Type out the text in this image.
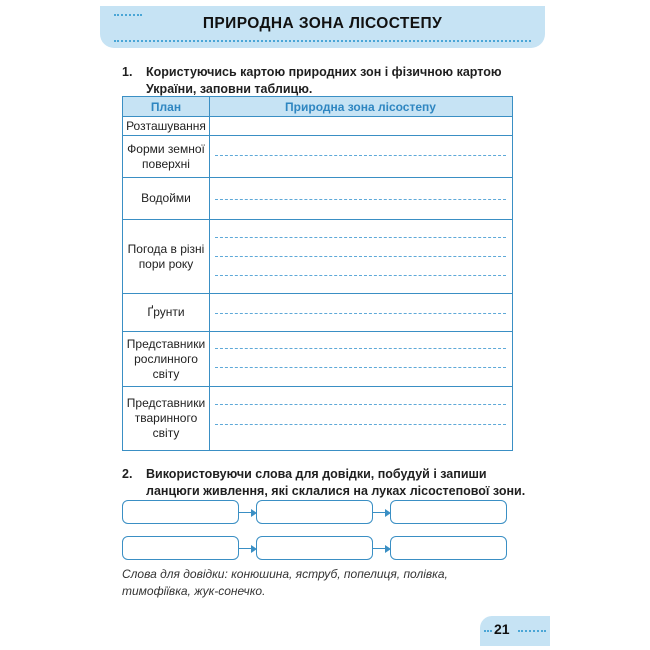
ПРИРОДНА ЗОНА ЛІСОСТЕПУ
1. Користуючись картою природних зон і фізичною картою України, заповни таблицю.
План	Природна зона лісостепу
Розташування
Форми земної поверхні
Водойми
Погода в різні пори року
Ґрунти
Представники рослинного світу
Представники тваринного світу
2. Використовуючи слова для довідки, побудуй і запиши ланцюги живлення, які склалися на луках лісостепової зони.
Слова для довідки: конюшина, яструб, попелиця, полівка, тимофіївка, жук-сонечко.
21
